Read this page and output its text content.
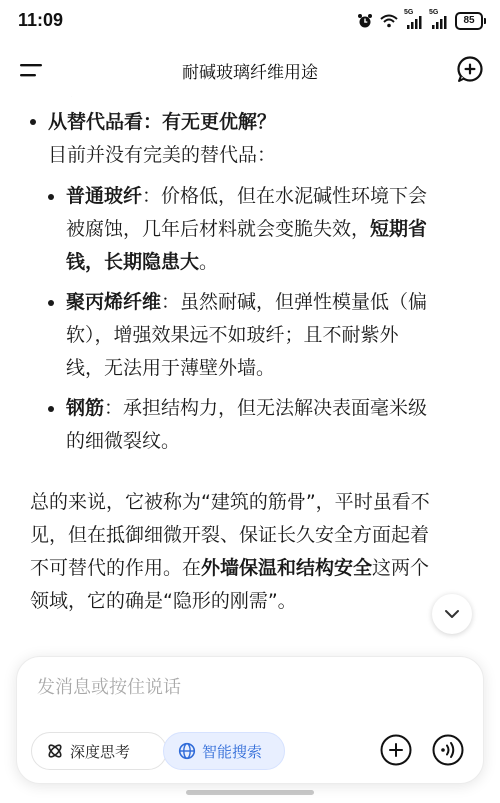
11:09	5G 5G
85
耐碱玻璃纤维用途
从替代品看：有无更优解？
目前并没有完美的替代品：
普通玻纤：价格低，但在水泥碱性环境下会
被腐蚀，几年后材料就会变脆失效，短期省
钱，长期隐患大。
聚丙烯纤维：虽然耐碱，但弹性模量低（偏
软），增强效果远不如玻纤；且不耐紫外
线，无法用于薄壁外墙。
钢筋：承担结构力，但无法解决表面毫米级
的细微裂纹。
总的来说，它被称为“建筑的筋骨”，平时虽看不
见，但在抵御细微开裂、保证长久安全方面起着
不可替代的作用。在外墙保温和结构安全这两个
领域，它的确是“隐形的刚需”。
发消息或按住说话
深度思考	智能搜索
